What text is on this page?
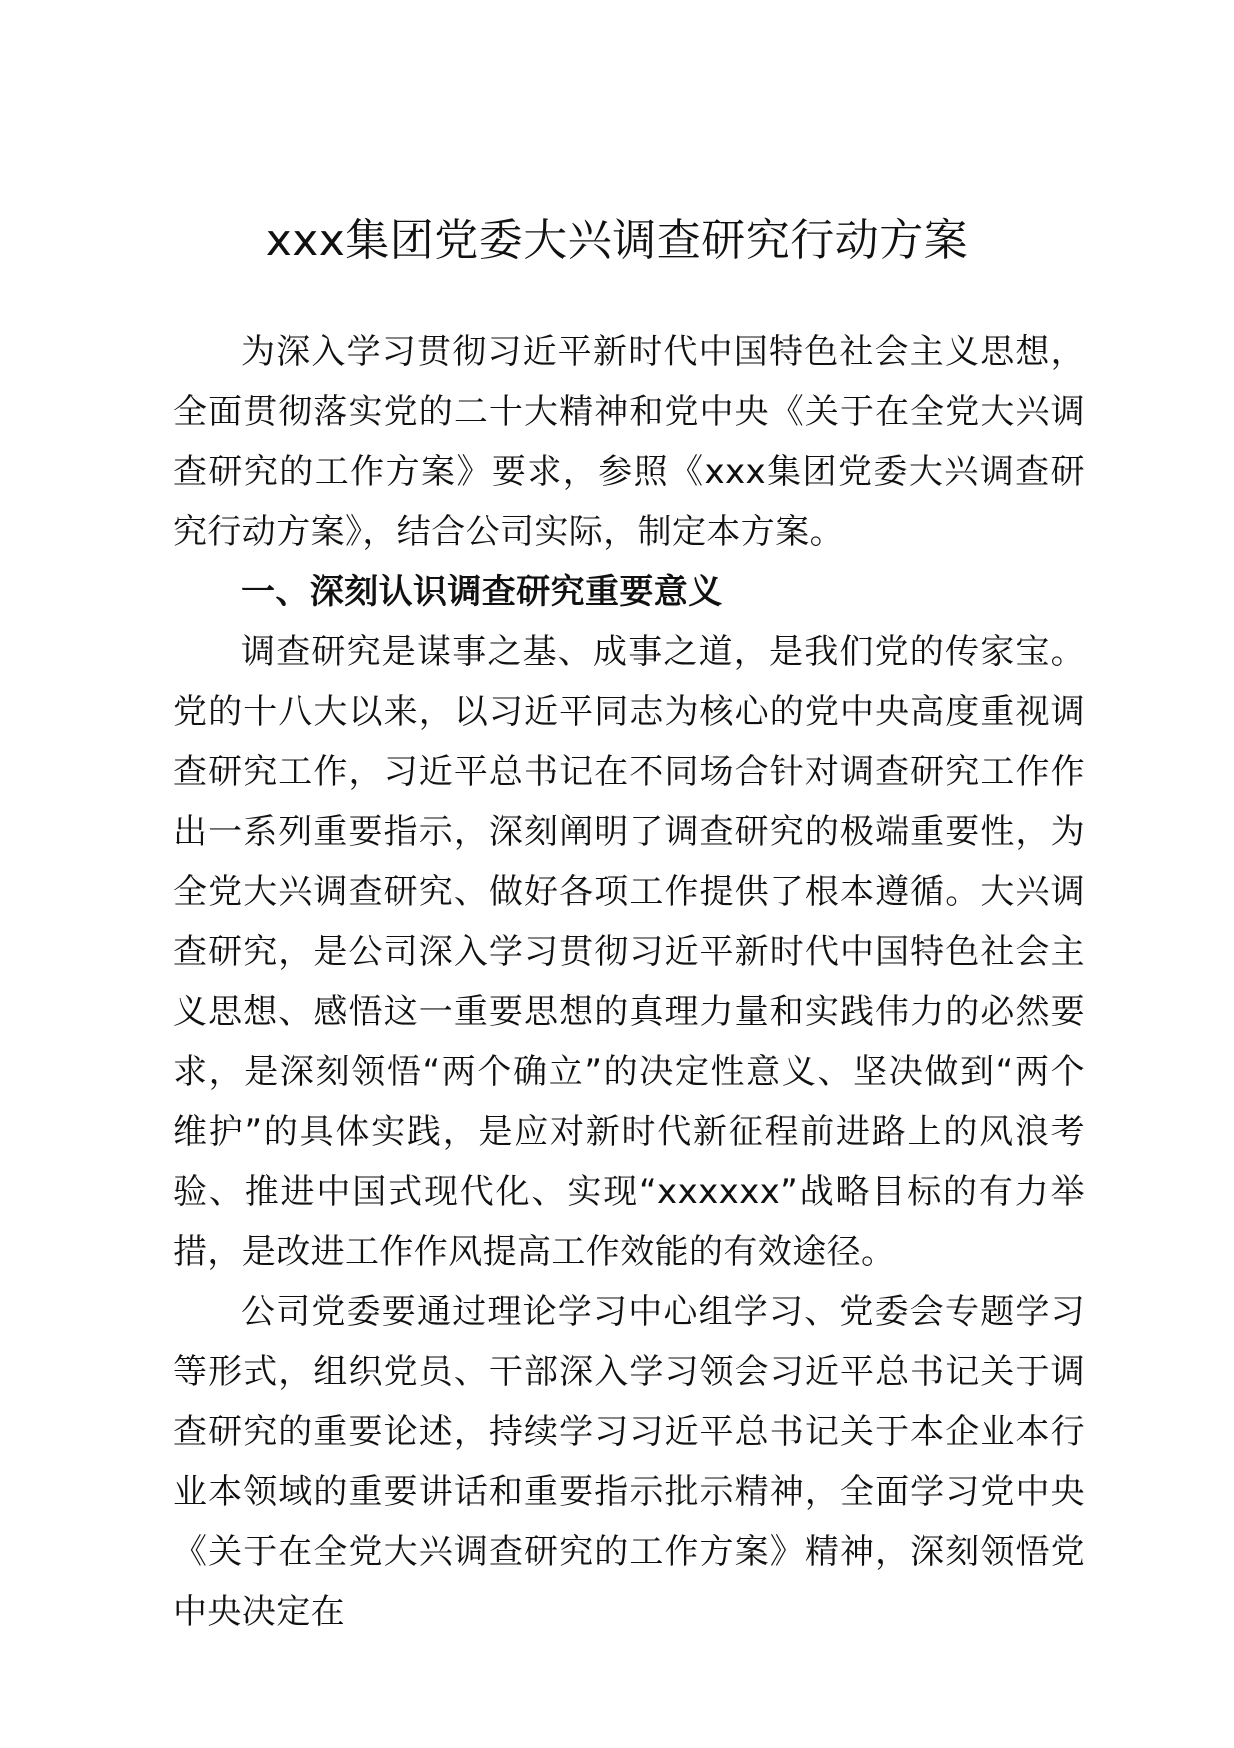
xxx集团党委大兴调查研究行动方案

为深入学习贯彻习近平新时代中国特色社会主义思想，全面贯彻落实党的二十大精神和党中央《关于在全党大兴调查研究的工作方案》要求，参照《xxx集团党委大兴调查研究行动方案》，结合公司实际，制定本方案。

一、深刻认识调查研究重要意义

调查研究是谋事之基、成事之道，是我们党的传家宝。党的十八大以来，以习近平同志为核心的党中央高度重视调查研究工作，习近平总书记在不同场合针对调查研究工作作出一系列重要指示，深刻阐明了调查研究的极端重要性，为全党大兴调查研究、做好各项工作提供了根本遵循。大兴调查研究，是公司深入学习贯彻习近平新时代中国特色社会主义思想、感悟这一重要思想的真理力量和实践伟力的必然要求，是深刻领悟“两个确立”的决定性意义、坚决做到“两个维护”的具体实践，是应对新时代新征程前进路上的风浪考验、推进中国式现代化、实现“xxxxxx”战略目标的有力举措，是改进工作作风提高工作效能的有效途径。

公司党委要通过理论学习中心组学习、党委会专题学习等形式，组织党员、干部深入学习领会习近平总书记关于调查研究的重要论述，持续学习习近平总书记关于本企业本行业本领域的重要讲话和重要指示批示精神，全面学习党中央《关于在全党大兴调查研究的工作方案》精神，深刻领悟党中央决定在
